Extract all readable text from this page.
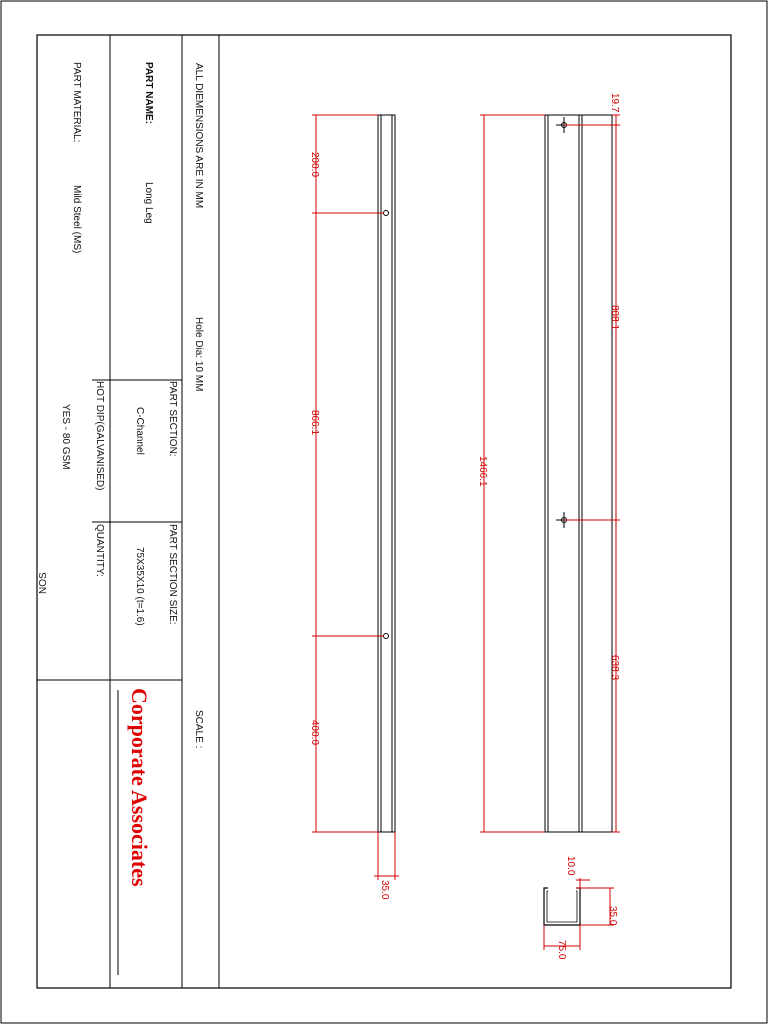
ALL DIEMENSIONS ARE IN MM
Hole Dia: 10 MM
SCALE :
PART NAME:
Long Leg
PART MATERIAL:
Mild Steel (MS)
PART SECTION:
C-Channel
HOT DIP(GALVANISED)
YES - 80 GSM
PART SECTION SIZE:
75X35X10 (t=1.6)
QUANTITY:
NOS
Corporate Associates
19.7
808.1
638.3
1466.1
200.0
866.1
400.0
35.0
10.0
35.0
75.0
